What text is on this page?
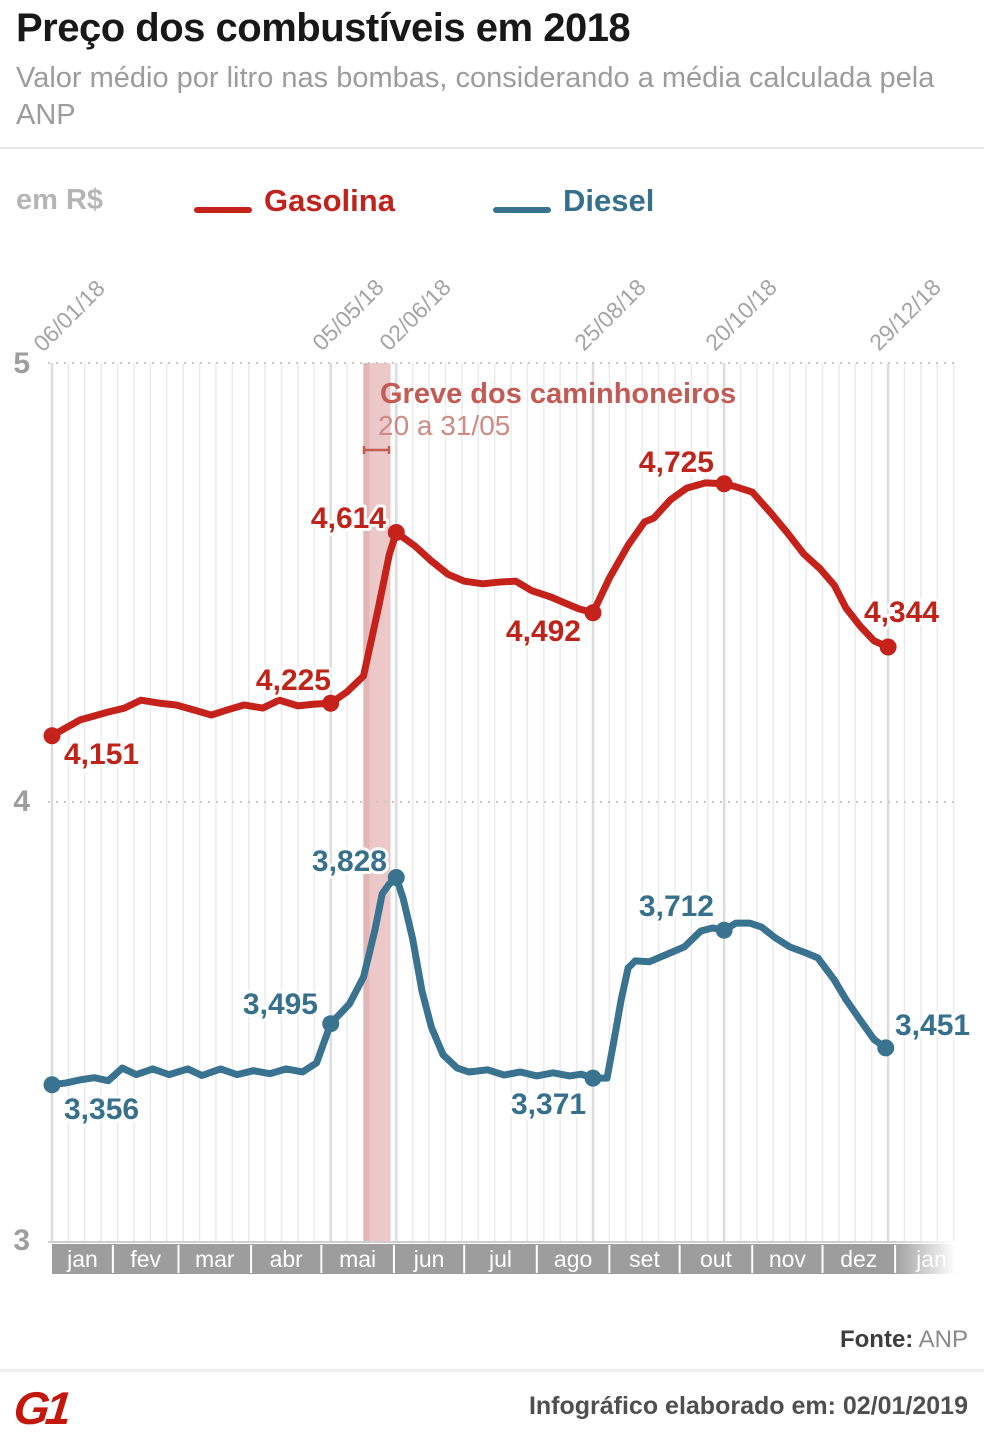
Preço dos combustíveis em 2018
Valor médio por litro nas bombas, considerando a média calculada pela ANP
em R$	Gasolina	Diesel
jan fev mar abr mai jun jul ago set out nov dez
5
4
3
06/01/18	05/05/18
02/06/18	25/08/18 20/10/18	29/12/18
Greve dos caminhoneiros
20 a 31/05
4,151
4,225
4,614
4,492
4,725
4,344
3,356
3,495
3,828
3,371
3,712
3,451
Fonte: ANP
G1	Infográfico elaborado em: 02/01/2019
